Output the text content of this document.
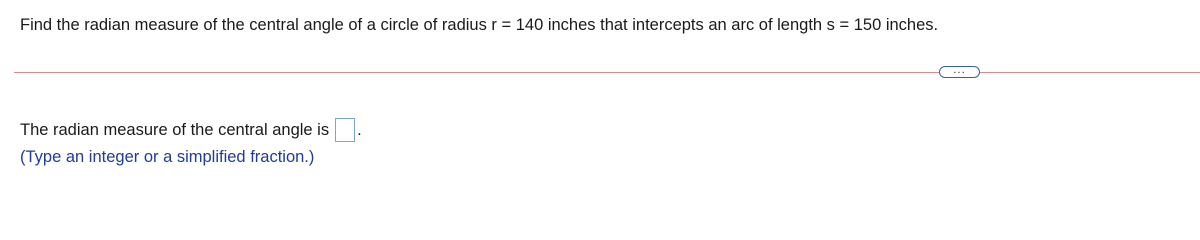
Find the radian measure of the central angle of a circle of radius r = 140 inches that intercepts an arc of length s = 150 inches.
...
The radian measure of the central angle is .
(Type an integer or a simplified fraction.)
